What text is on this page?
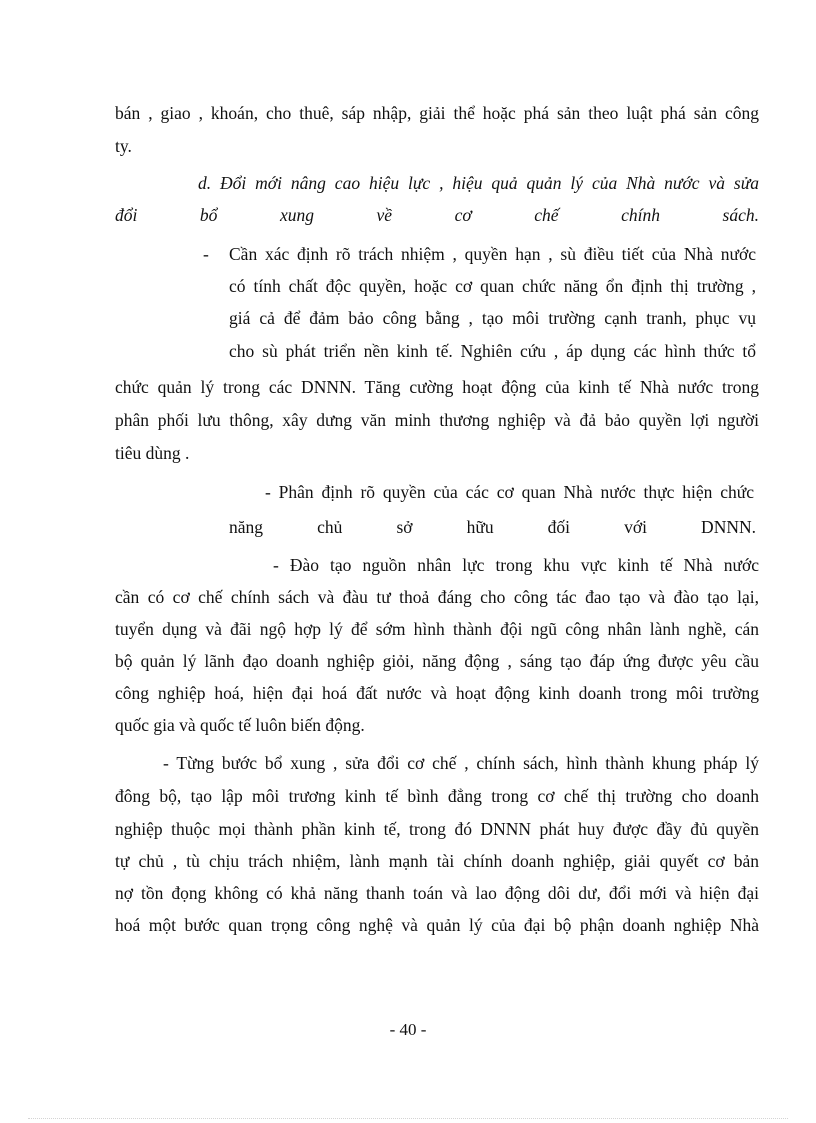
bán , giao , khoán, cho thuê, sáp nhập, giải thể hoặc phá sản theo luật phá sản công
ty.
d. Đổi mới nâng cao hiệu lực , hiệu quả quản lý của Nhà nước và sửa
đổi bổ xung về cơ chế chính sách.
- Cần xác định rõ trách nhiệm , quyền hạn , sù điều tiết của Nhà nước
có tính chất độc quyền, hoặc cơ quan chức năng ổn định thị trường ,
giá cả để đảm bảo công bằng , tạo môi trường cạnh tranh, phục vụ
cho sù phát triển nền kinh tế. Nghiên cứu , áp dụng các hình thức tổ
chức quản lý trong các DNNN. Tăng cường hoạt động của kinh tế Nhà nước trong
phân phối lưu thông, xây dưng văn minh thương nghiệp và đả bảo quyền lợi người
tiêu dùng .
- Phân định rõ quyền của các cơ quan Nhà nước thực hiện chức
năng chủ sở hữu đối với DNNN.
- Đào tạo nguồn nhân lực trong khu vực kinh tế Nhà nước
cần có cơ chế chính sách và đàu tư thoả đáng cho công tác đao tạo và đào tạo lại,
tuyển dụng và đãi ngộ hợp lý để sớm hình thành đội ngũ công nhân lành nghề, cán
bộ quản lý lãnh đạo doanh nghiệp giỏi, năng động , sáng tạo đáp ứng được yêu cầu
công nghiệp hoá, hiện đại hoá đất nước và hoạt động kinh doanh trong môi trường
quốc gia và quốc tế luôn biến động.
- Từng bước bổ xung , sửa đổi cơ chế , chính sách, hình thành khung pháp lý
đông bộ, tạo lập môi trương kinh tế bình đẳng trong cơ chế thị trường cho doanh
nghiệp thuộc mọi thành phần kinh tế, trong đó DNNN phát huy được đầy đủ quyền
tự chủ , tù chịu trách nhiệm, lành mạnh tài chính doanh nghiệp, giải quyết cơ bản
nợ tồn đọng không có khả năng thanh toán và lao động dôi dư, đổi mới và hiện đại
hoá một bước quan trọng công nghệ và quản lý của đại bộ phận doanh nghiệp Nhà
- 40 -
